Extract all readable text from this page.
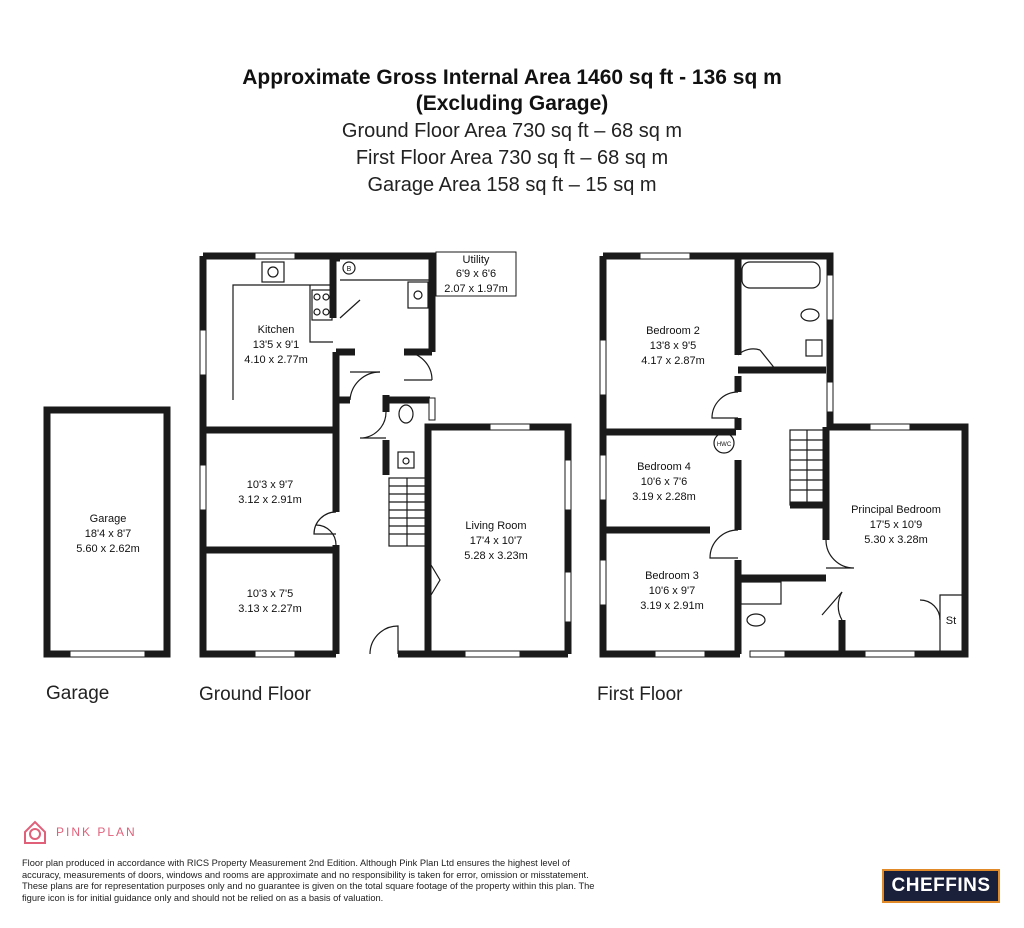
Approximate Gross Internal Area 1460 sq ft - 136 sq m
(Excluding Garage)
Ground Floor Area 730 sq ft – 68 sq m
First Floor Area 730 sq ft – 68 sq m
Garage Area 158 sq ft – 15 sq m
Garage
18'4 x 8'7
5.60 x 2.62m
Kitchen
13'5 x 9'1
4.10 x 2.77m
Utility
6'9 x 6'6
2.07 x 1.97m
10'3 x 9'7
3.12 x 2.91m
10'3 x 7'5
3.13 x 2.27m
Living Room
17'4 x 10'7
5.28 x 3.23m
Bedroom 2
13'8 x 9'5
4.17 x 2.87m
Bedroom 4
10'6 x 7'6
3.19 x 2.28m
Bedroom 3
10'6 x 9'7
3.19 x 2.91m
Principal Bedroom
17'5 x 10'9
5.30 x 3.28m
St
HWC
B
Garage	Ground Floor	First Floor
PINK PLAN
Floor plan produced in accordance with RICS Property Measurement 2nd Edition. Although Pink Plan Ltd ensures the highest level of accuracy, measurements of doors, windows and rooms are approximate and no responsibility is taken for error, omission or misstatement. These plans are for representation purposes only and no guarantee is given on the total square footage of the property within this plan. The figure icon is for initial guidance only and should not be relied on as a basis of valuation.
CHEFFINS
